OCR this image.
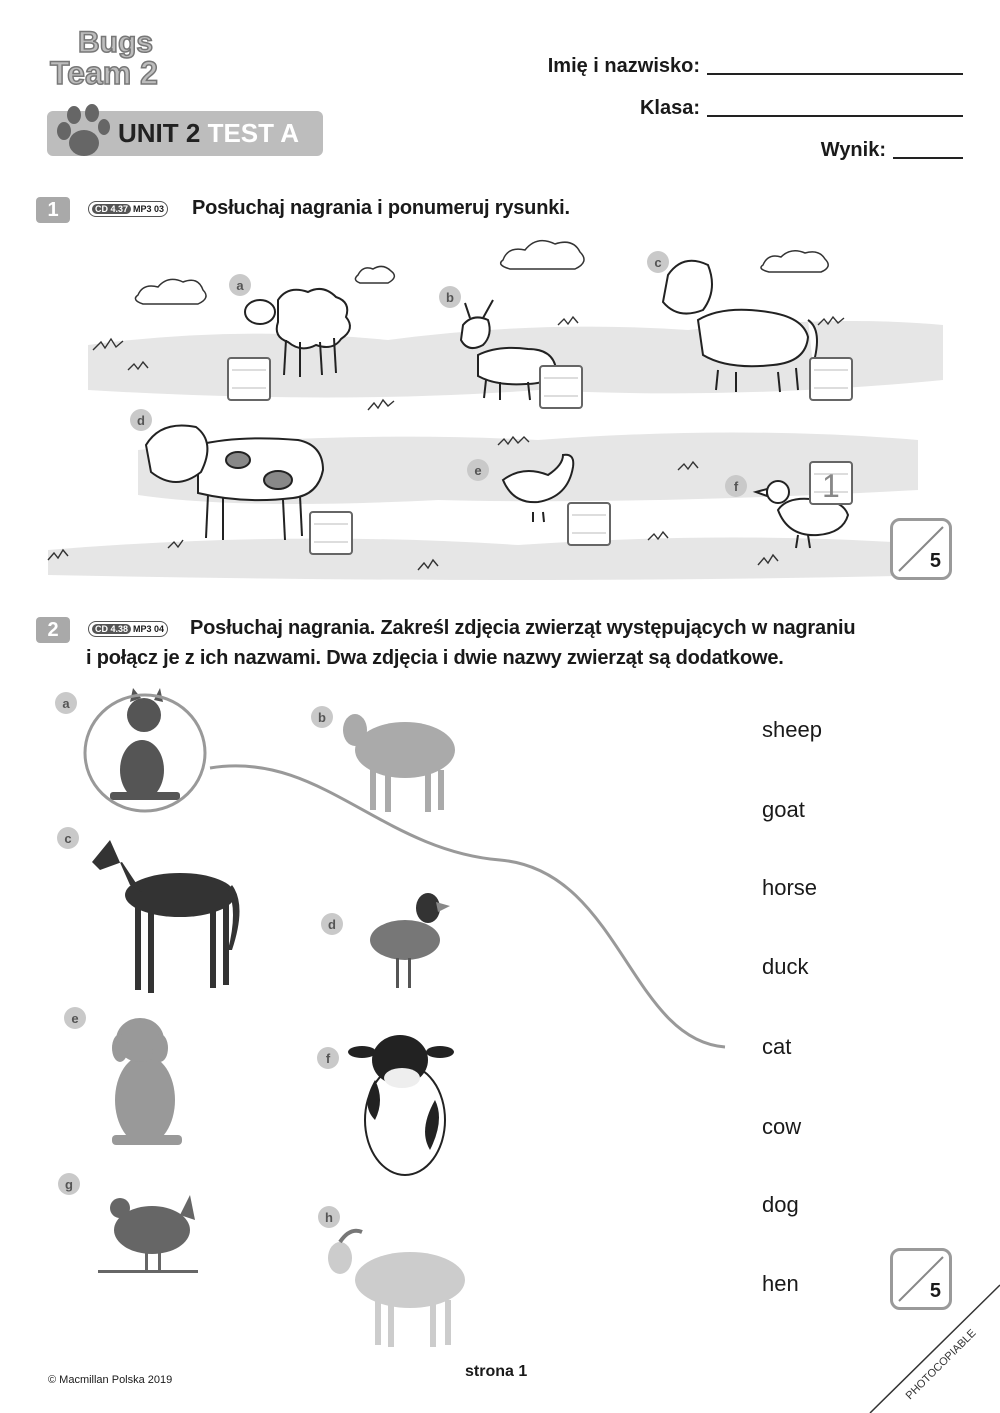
Bugs
Team 2	Imię i nazwisko:
Klasa:
Wynik:
UNIT 2 TEST A
1	CD 4.37 MP3 03 Posłuchaj nagrania i ponumeruj rysunki.
1
a
b
c
d
e
f
5
2	CD 4.38 MP3 04 Posłuchaj nagrania. Zakreśl zdjęcia zwierząt występujących w nagraniu
i połącz je z ich nazwami. Dwa zdjęcia i dwie nazwy zwierząt są dodatkowe.
a
b
c
d
e
f
g
h
sheep
goat
horse
duck
cat
cow
dog
hen	5
© Macmillan Polska 2019	strona 1	PHOTOCOPIABLE
